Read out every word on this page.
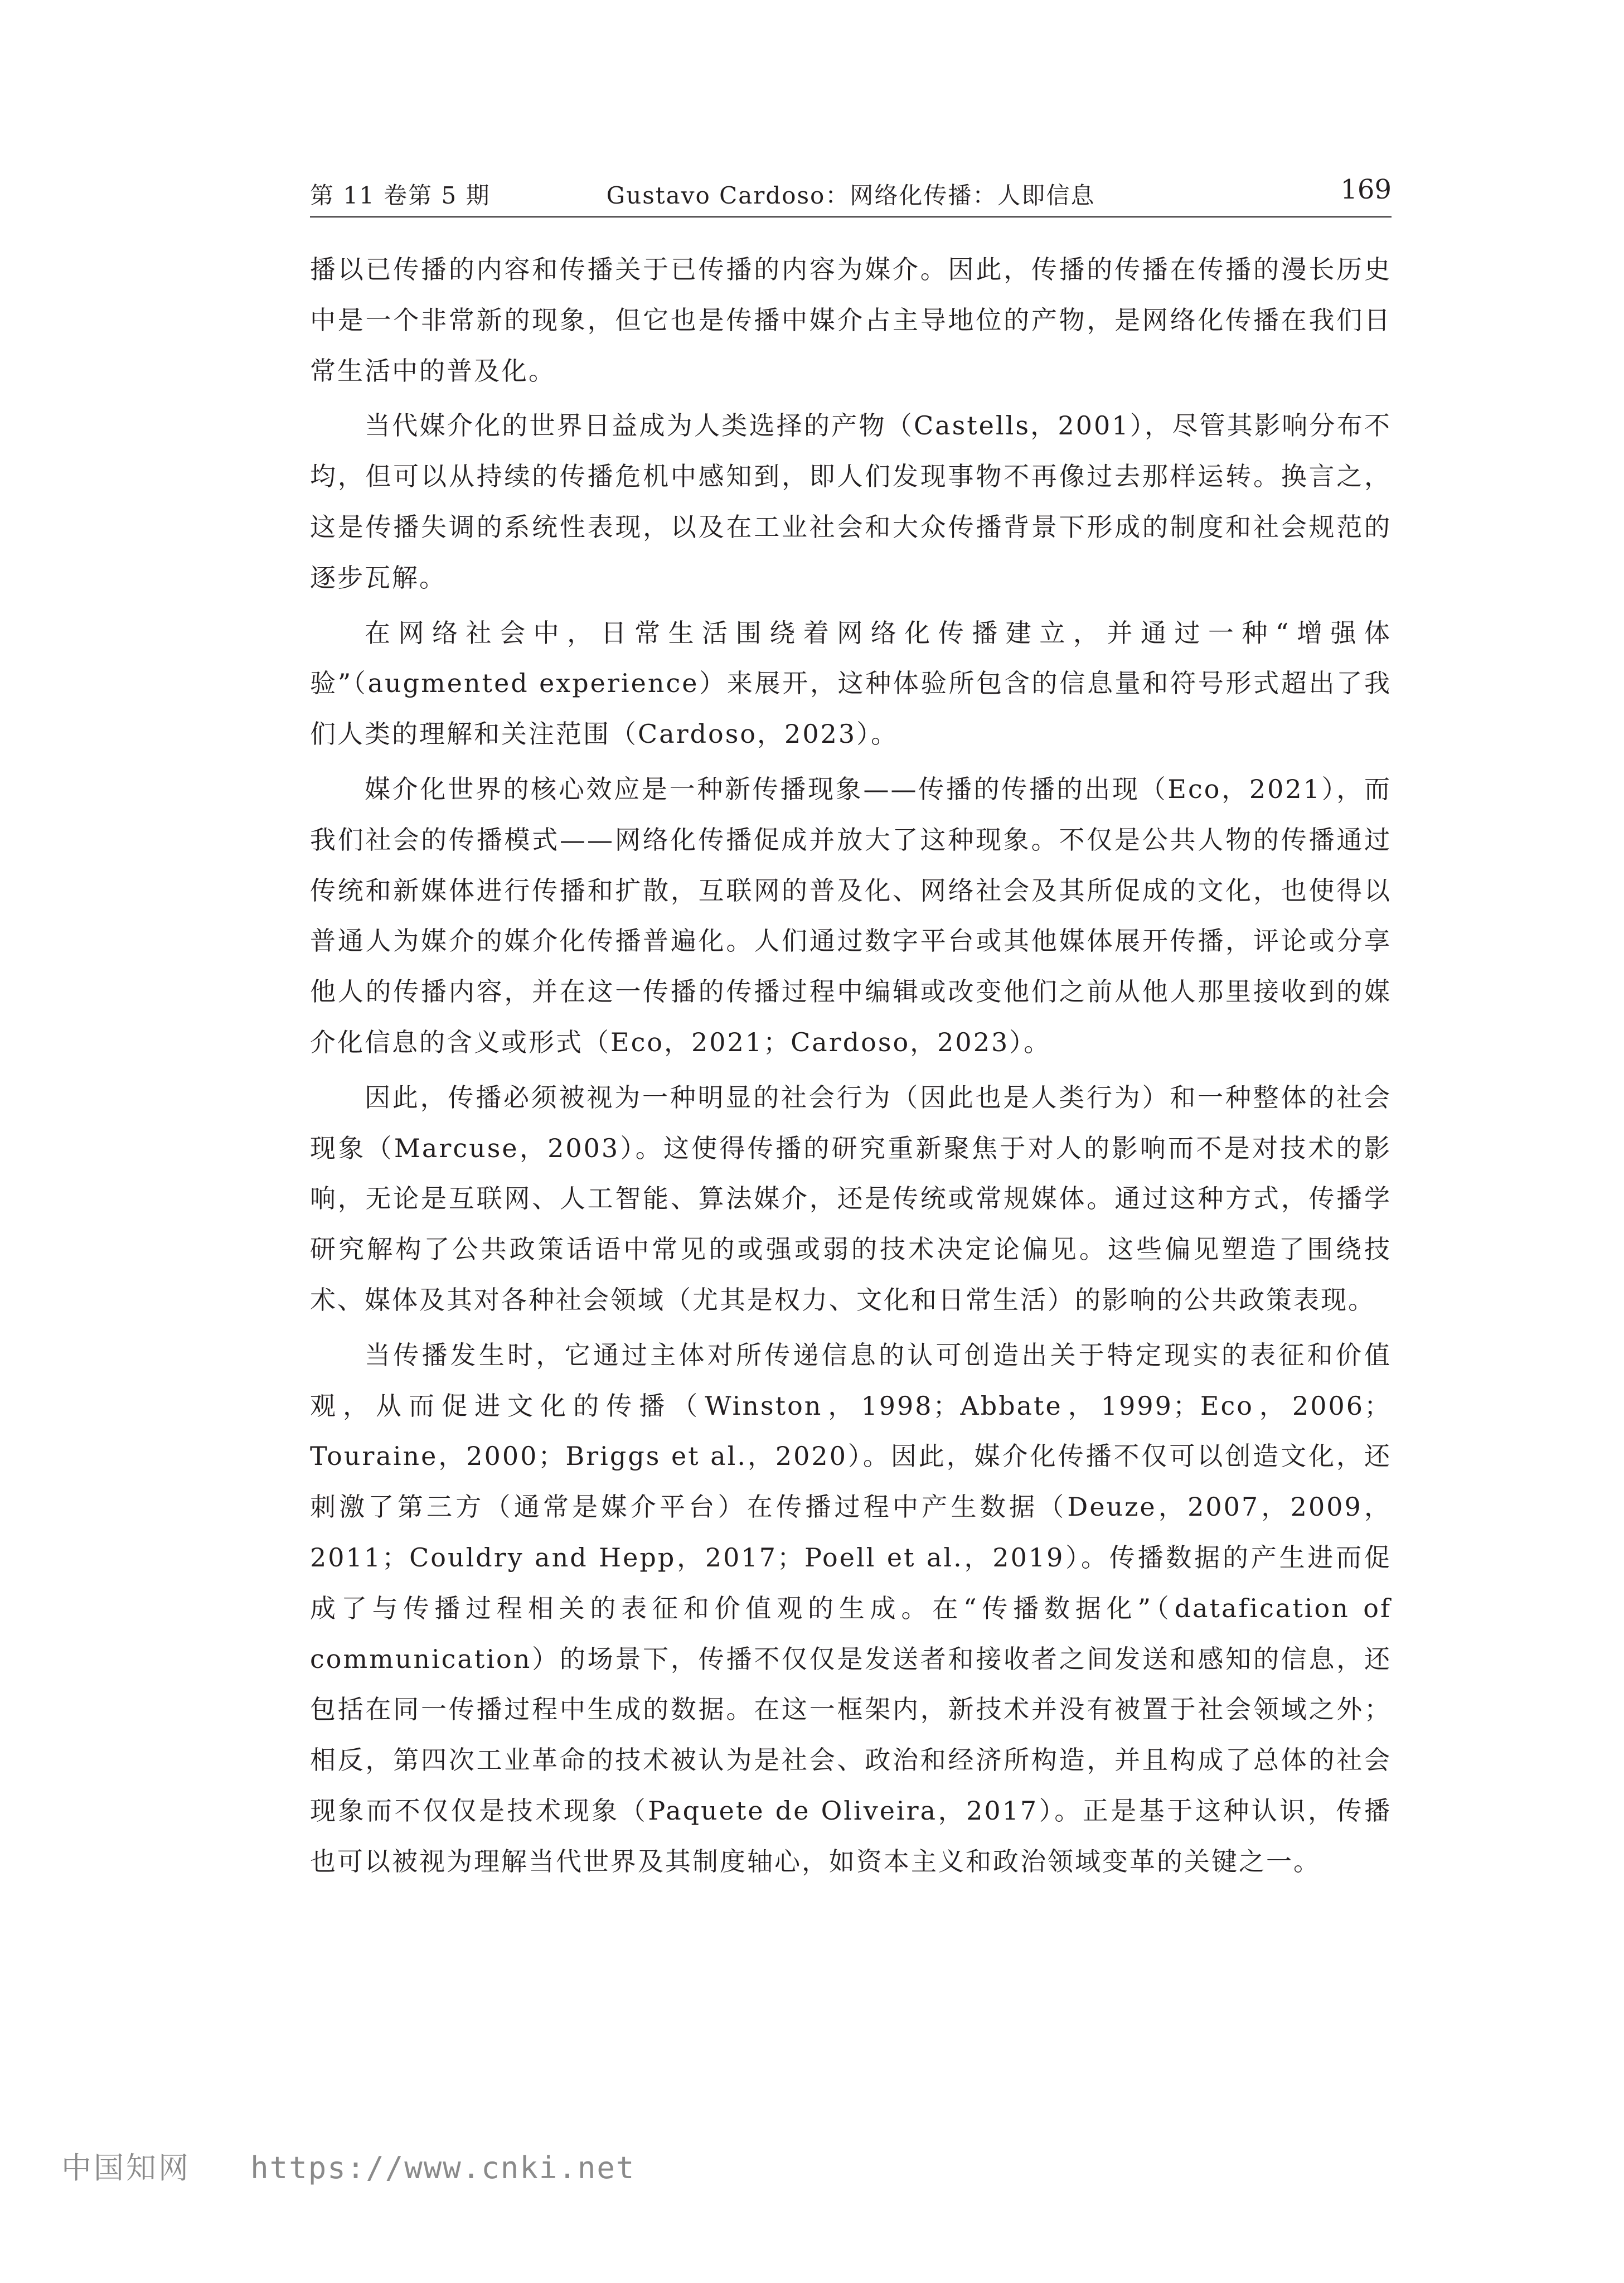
第 11 卷第 5 期	Gustavo Cardoso：网络化传播：人即信息	169

播以已传播的内容和传播关于已传播的内容为媒介。因此，传播的传播在传播的漫长历史中是一个非常新的现象，但它也是传播中媒介占主导地位的产物，是网络化传播在我们日常生活中的普及化。

当代媒介化的世界日益成为人类选择的产物（Castells，2001），尽管其影响分布不均，但可以从持续的传播危机中感知到，即人们发现事物不再像过去那样运转。换言之，这是传播失调的系统性表现，以及在工业社会和大众传播背景下形成的制度和社会规范的逐步瓦解。

在网络社会中，日常生活围绕着网络化传播建立，并通过一种“增强体验”（augmented experience）来展开，这种体验所包含的信息量和符号形式超出了我们人类的理解和关注范围（Cardoso，2023）。

媒介化世界的核心效应是一种新传播现象——传播的传播的出现（Eco，2021），而我们社会的传播模式——网络化传播促成并放大了这种现象。不仅是公共人物的传播通过传统和新媒体进行传播和扩散，互联网的普及化、网络社会及其所促成的文化，也使得以普通人为媒介的媒介化传播普遍化。人们通过数字平台或其他媒体展开传播，评论或分享他人的传播内容，并在这一传播的传播过程中编辑或改变他们之前从他人那里接收到的媒介化信息的含义或形式（Eco，2021；Cardoso，2023）。

因此，传播必须被视为一种明显的社会行为（因此也是人类行为）和一种整体的社会现象（Marcuse，2003）。这使得传播的研究重新聚焦于对人的影响而不是对技术的影响，无论是互联网、人工智能、算法媒介，还是传统或常规媒体。通过这种方式，传播学研究解构了公共政策话语中常见的或强或弱的技术决定论偏见。这些偏见塑造了围绕技术、媒体及其对各种社会领域（尤其是权力、文化和日常生活）的影响的公共政策表现。

当传播发生时，它通过主体对所传递信息的认可创造出关于特定现实的表征和价值观，从而促进文化的传播（Winston，1998；Abbate，1999；Eco，2006；Touraine，2000；Briggs et al.，2020）。因此，媒介化传播不仅可以创造文化，还刺激了第三方（通常是媒介平台）在传播过程中产生数据（Deuze，2007，2009，2011；Couldry and Hepp，2017；Poell et al.，2019）。传播数据的产生进而促成了与传播过程相关的表征和价值观的生成。在“传播数据化”（datafication of communication）的场景下，传播不仅仅是发送者和接收者之间发送和感知的信息，还包括在同一传播过程中生成的数据。在这一框架内，新技术并没有被置于社会领域之外；相反，第四次工业革命的技术被认为是社会、政治和经济所构造，并且构成了总体的社会现象而不仅仅是技术现象（Paquete de Oliveira，2017）。正是基于这种认识，传播也可以被视为理解当代世界及其制度轴心，如资本主义和政治领域变革的关键之一。

中国知网 https://www.cnki.net
